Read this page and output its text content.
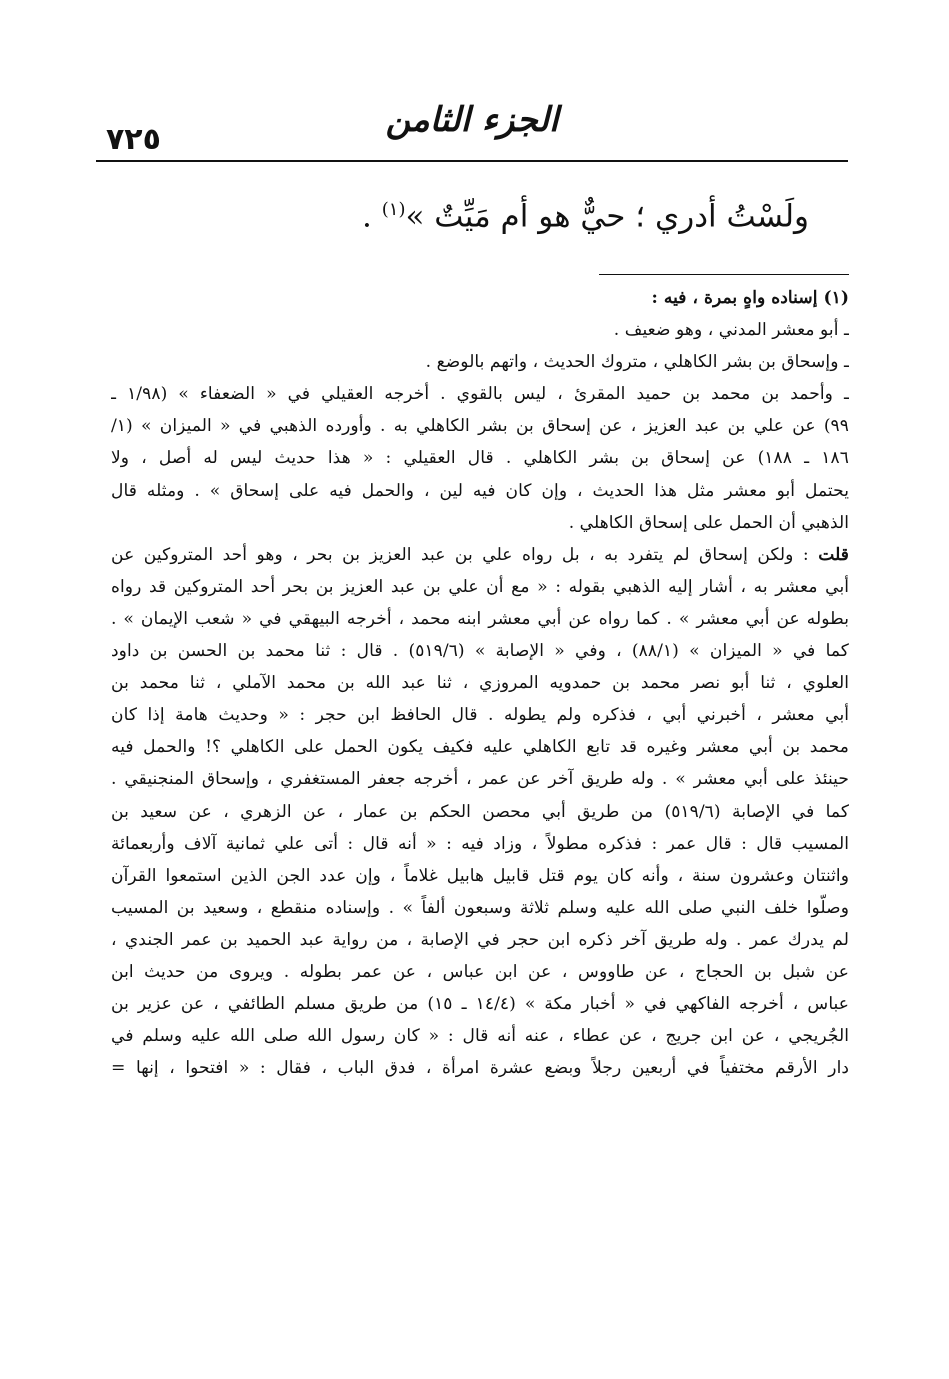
٧٢٥	الجزء الثامن
ولَسْتُ أدري ؛ حيٌّ هو أم مَيِّتٌ »$^{(١)}$ .
(١) إسناده واهٍ بمرة ، فيه :
ـ أبو معشر المدني ، وهو ضعيف .
ـ وإسحاق بن بشر الكاهلي ، متروك الحديث ، واتهم بالوضع .
ـ وأحمد بن محمد بن حميد المقرئ ، ليس بالقوي . أخرجه العقيلي في « الضعفاء » (١/٩٨ ـ
٩٩) عن علي بن عبد العزيز ، عن إسحاق بن بشر الكاهلي به . وأورده الذهبي في « الميزان » (١/
١٨٦ ـ ١٨٨) عن إسحاق بن بشر الكاهلي . قال العقيلي : « هذا حديث ليس له أصل ، ولا
يحتمل أبو معشر مثل هذا الحديث ، وإن كان فيه لين ، والحمل فيه على إسحاق » . ومثله قال
الذهبي أن الحمل على إسحاق الكاهلي .
قلت : ولكن إسحاق لم يتفرد به ، بل رواه علي بن عبد العزيز بن بحر ، وهو أحد المتروكين عن
أبي معشر به ، أشار إليه الذهبي بقوله : « مع أن علي بن عبد العزيز بن بحر أحد المتروكين قد رواه
بطوله عن أبي معشر » . كما رواه عن أبي معشر ابنه محمد ، أخرجه البيهقي في « شعب الإيمان » .
كما في « الميزان » (٨٨/١) ، وفي « الإصابة » (٥١٩/٦) . قال : ثنا محمد بن الحسن بن داود
العلوي ، ثنا أبو نصر محمد بن حمدويه المروزي ، ثنا عبد الله بن محمد الآملي ، ثنا محمد بن
أبي معشر ، أخبرني أبي ، فذكره ولم يطوله . قال الحافظ ابن حجر : « وحديث هامة إذا كان
محمد بن أبي معشر وغيره قد تابع الكاهلي عليه فكيف يكون الحمل على الكاهلي ؟! والحمل فيه
حينئذ على أبي معشر » . وله طريق آخر عن عمر ، أخرجه جعفر المستغفري ، وإسحاق المنجنيقي .
كما في الإصابة (٥١٩/٦) من طريق أبي محصن الحكم بن عمار ، عن الزهري ، عن سعيد بن
المسيب قال : قال عمر : فذكره مطولاً ، وزاد فيه : « أنه قال : أتى علي ثمانية آلاف وأربعمائة
واثنتان وعشرون سنة ، وأنه كان يوم قتل قابيل هابيل غلاماً ، وإن عدد الجن الذين استمعوا القرآن
وصلّوا خلف النبي صلى الله عليه وسلم ثلاثة وسبعون ألفاً » . وإسناده منقطع ، وسعيد بن المسيب
لم يدرك عمر . وله طريق آخر ذكره ابن حجر في الإصابة ، من رواية عبد الحميد بن عمر الجندي ،
عن شبل بن الحجاج ، عن طاووس ، عن ابن عباس ، عن عمر بطوله . ويروى من حديث ابن
عباس ، أخرجه الفاكهي في « أخبار مكة » (١٤/٤ ـ ١٥) من طريق مسلم الطائفي ، عن عزير بن
الجُريجي ، عن ابن جريج ، عن عطاء ، عنه أنه قال : « كان رسول الله صلى الله عليه وسلم في
دار الأرقم مختفياً في أربعين رجلاً وبضع عشرة امرأة ، فدق الباب ، فقال : « افتحوا ، إنها =
